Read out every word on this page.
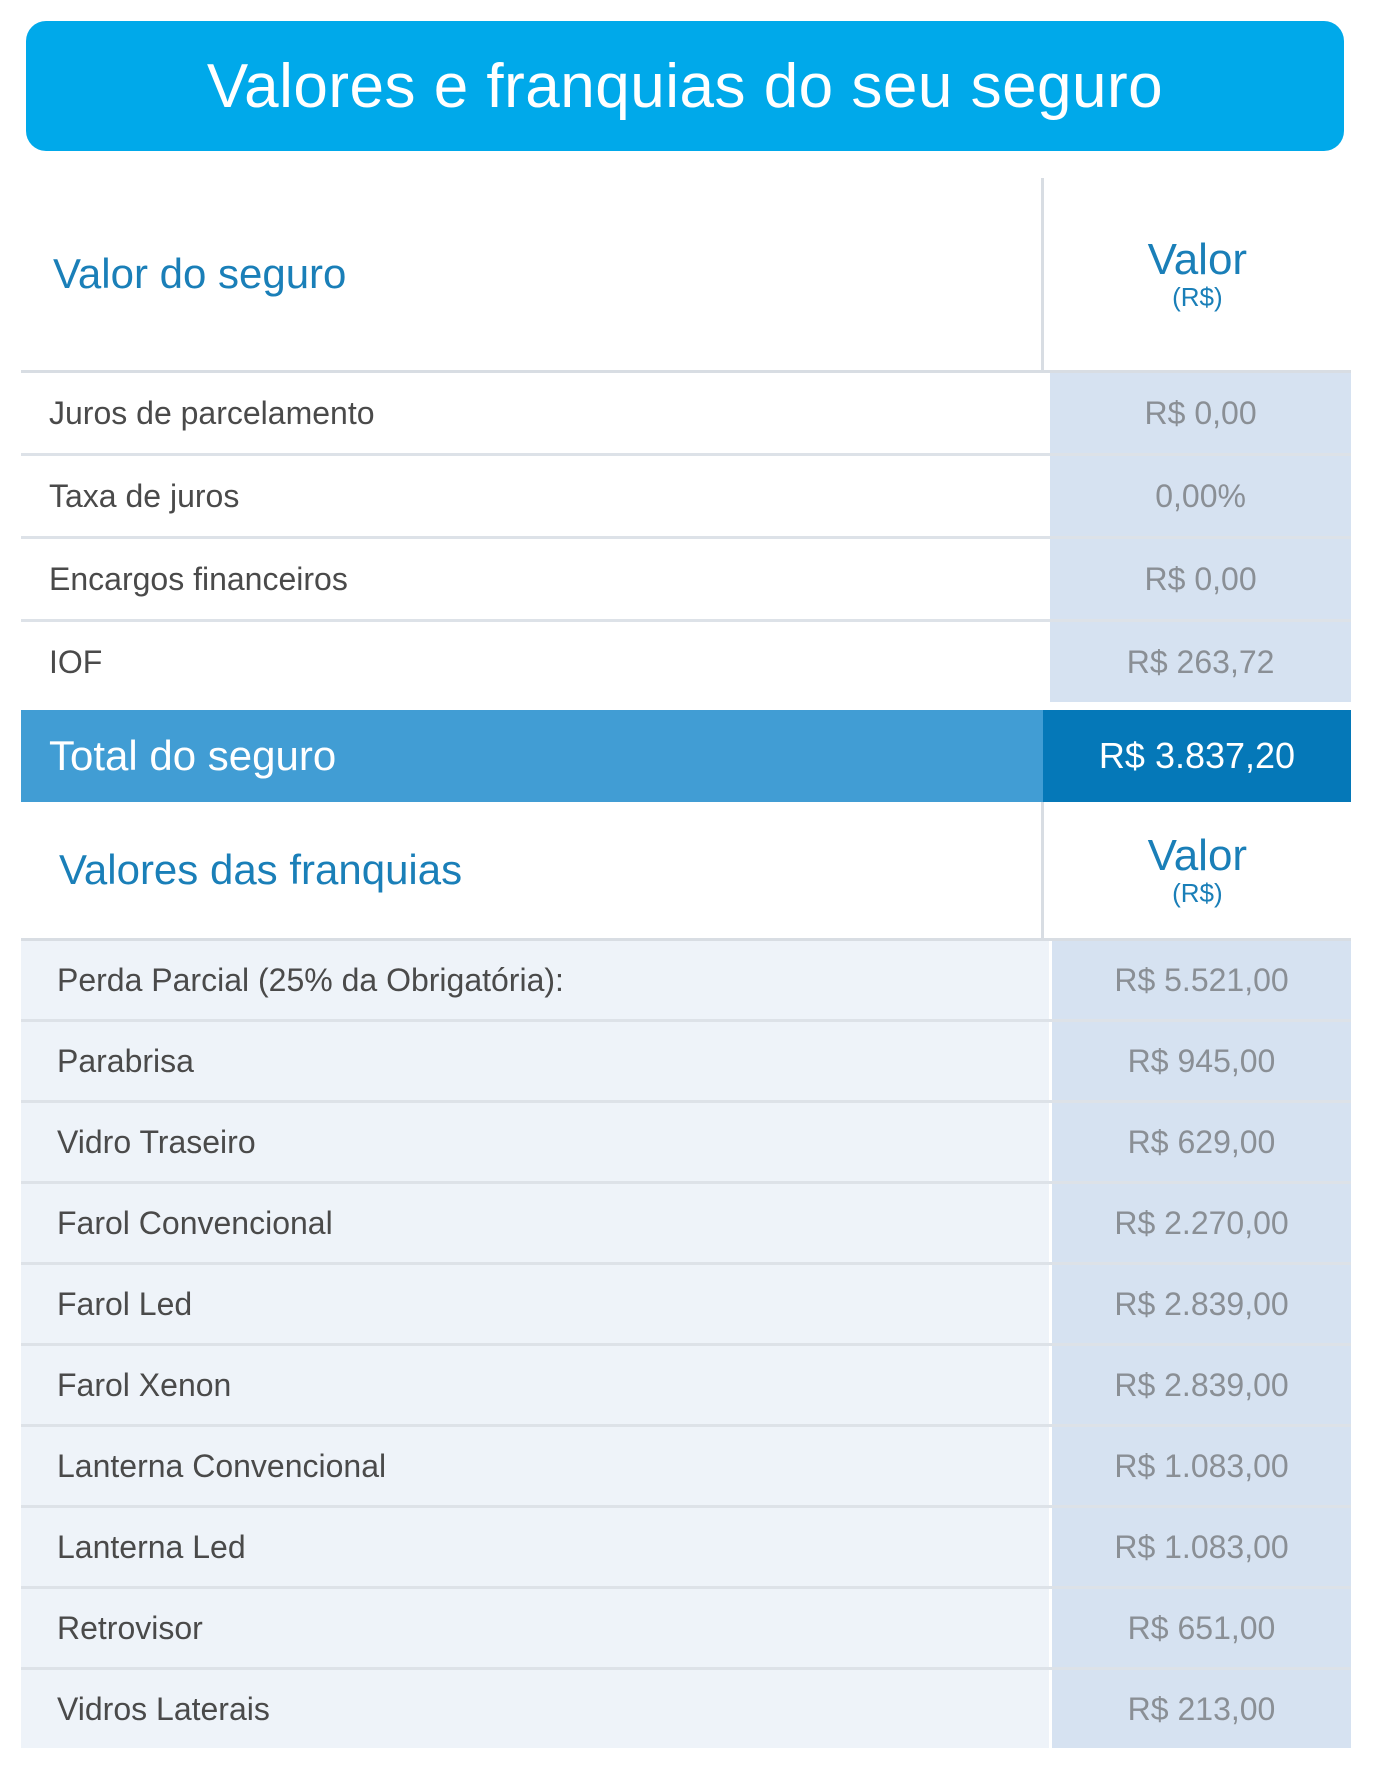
Valores e franquias do seu seguro
Valor do seguro	Valor
(R$)
Juros de parcelamento	R$ 0,00
Taxa de juros	0,00%
Encargos financeiros	R$ 0,00
IOF	R$ 263,72
Total do seguro	R$ 3.837,20
Valores das franquias	Valor
(R$)
Perda Parcial (25% da Obrigatória):	R$ 5.521,00
Parabrisa	R$ 945,00
Vidro Traseiro	R$ 629,00
Farol Convencional	R$ 2.270,00
Farol Led	R$ 2.839,00
Farol Xenon	R$ 2.839,00
Lanterna Convencional	R$ 1.083,00
Lanterna Led	R$ 1.083,00
Retrovisor	R$ 651,00
Vidros Laterais	R$ 213,00
